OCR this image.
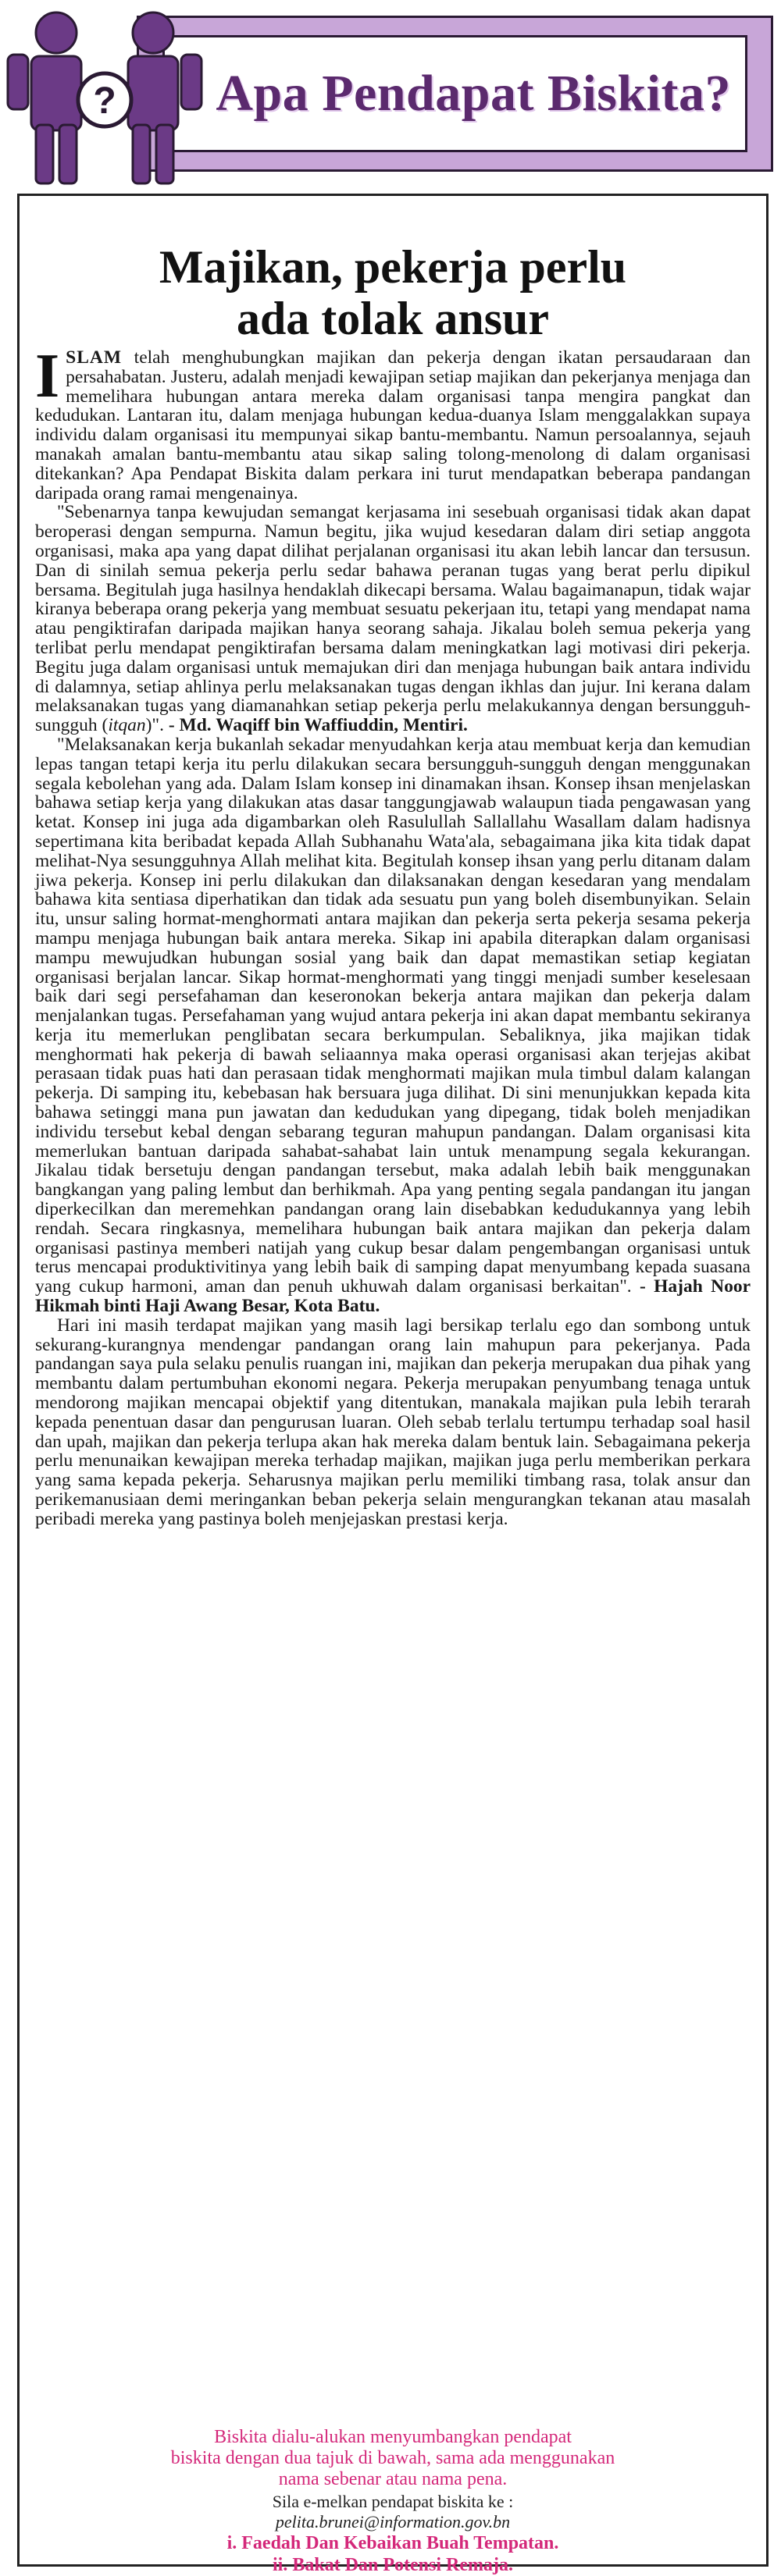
Apa Pendapat Biskita?
?
Majikan, pekerja perlu
ada tolak ansur

ISLAM telah menghubungkan majikan dan pekerja dengan ikatan persaudaraan dan persahabatan. Justeru, adalah menjadi kewajipan setiap majikan dan pekerjanya menjaga dan memelihara hubungan antara mereka dalam organisasi tanpa mengira pangkat dan kedudukan. Lantaran itu, dalam menjaga hubungan kedua-duanya Islam menggalakkan supaya individu dalam organisasi itu mempunyai sikap bantu-membantu. Namun persoalannya, sejauh manakah amalan bantu-membantu atau sikap saling tolong-menolong di dalam organisasi ditekankan? Apa Pendapat Biskita dalam perkara ini turut mendapatkan beberapa pandangan daripada orang ramai mengenainya.

"Sebenarnya tanpa kewujudan semangat kerjasama ini sesebuah organisasi tidak akan dapat beroperasi dengan sempurna. Namun begitu, jika wujud kesedaran dalam diri setiap anggota organisasi, maka apa yang dapat dilihat perjalanan organisasi itu akan lebih lancar dan tersusun. Dan di sinilah semua pekerja perlu sedar bahawa peranan tugas yang berat perlu dipikul bersama. Begitulah juga hasilnya hendaklah dikecapi bersama. Walau bagaimanapun, tidak wajar kiranya beberapa orang pekerja yang membuat sesuatu pekerjaan itu, tetapi yang mendapat nama atau pengiktirafan daripada majikan hanya seorang sahaja. Jikalau boleh semua pekerja yang terlibat perlu mendapat pengiktirafan bersama dalam meningkatkan lagi motivasi diri pekerja. Begitu juga dalam organisasi untuk memajukan diri dan menjaga hubungan baik antara individu di dalamnya, setiap ahlinya perlu melaksanakan tugas dengan ikhlas dan jujur. Ini kerana dalam melaksanakan tugas yang diamanahkan setiap pekerja perlu melakukannya dengan bersungguh-sungguh (itqan)". - Md. Waqiff bin Waffiuddin, Mentiri.

"Melaksanakan kerja bukanlah sekadar menyudahkan kerja atau membuat kerja dan kemudian lepas tangan tetapi kerja itu perlu dilakukan secara bersungguh-sungguh dengan menggunakan segala kebolehan yang ada. Dalam Islam konsep ini dinamakan ihsan. Konsep ihsan menjelaskan bahawa setiap kerja yang dilakukan atas dasar tanggungjawab walaupun tiada pengawasan yang ketat. Konsep ini juga ada digambarkan oleh Rasulullah Sallallahu Wasallam dalam hadisnya sepertimana kita beribadat kepada Allah Subhanahu Wata'ala, sebagaimana jika kita tidak dapat melihat-Nya sesungguhnya Allah melihat kita. Begitulah konsep ihsan yang perlu ditanam dalam jiwa pekerja. Konsep ini perlu dilakukan dan dilaksanakan dengan kesedaran yang mendalam bahawa kita sentiasa diperhatikan dan tidak ada sesuatu pun yang boleh disembunyikan. Selain itu, unsur saling hormat-menghormati antara majikan dan pekerja serta pekerja sesama pekerja mampu menjaga hubungan baik antara mereka. Sikap ini apabila diterapkan dalam organisasi mampu mewujudkan hubungan sosial yang baik dan dapat memastikan setiap kegiatan organisasi berjalan lancar. Sikap hormat-menghormati yang tinggi menjadi sumber keselesaan baik dari segi persefahaman dan keseronokan bekerja antara majikan dan pekerja dalam menjalankan tugas. Persefahaman yang wujud antara pekerja ini akan dapat membantu sekiranya kerja itu memerlukan penglibatan secara berkumpulan. Sebaliknya, jika majikan tidak menghormati hak pekerja di bawah seliaannya maka operasi organisasi akan terjejas akibat perasaan tidak puas hati dan perasaan tidak menghormati majikan mula timbul dalam kalangan pekerja. Di samping itu, kebebasan hak bersuara juga dilihat. Di sini menunjukkan kepada kita bahawa setinggi mana pun jawatan dan kedudukan yang dipegang, tidak boleh menjadikan individu tersebut kebal dengan sebarang teguran mahupun pandangan. Dalam organisasi kita memerlukan bantuan daripada sahabat-sahabat lain untuk menampung segala kekurangan. Jikalau tidak bersetuju dengan pandangan tersebut, maka adalah lebih baik menggunakan bangkangan yang paling lembut dan berhikmah. Apa yang penting segala pandangan itu jangan diperkecilkan dan meremehkan pandangan orang lain disebabkan kedudukannya yang lebih rendah. Secara ringkasnya, memelihara hubungan baik antara majikan dan pekerja dalam organisasi pastinya memberi natijah yang cukup besar dalam pengembangan organisasi untuk terus mencapai produktivitinya yang lebih baik di samping dapat menyumbang kepada suasana yang cukup harmoni, aman dan penuh ukhuwah dalam organisasi berkaitan". - Hajah Noor Hikmah binti Haji Awang Besar, Kota Batu.

Hari ini masih terdapat majikan yang masih lagi bersikap terlalu ego dan sombong untuk sekurang-kurangnya mendengar pandangan orang lain mahupun para pekerjanya. Pada pandangan saya pula selaku penulis ruangan ini, majikan dan pekerja merupakan dua pihak yang membantu dalam pertumbuhan ekonomi negara. Pekerja merupakan penyumbang tenaga untuk mendorong majikan mencapai objektif yang ditentukan, manakala majikan pula lebih terarah kepada penentuan dasar dan pengurusan luaran. Oleh sebab terlalu tertumpu terhadap soal hasil dan upah, majikan dan pekerja terlupa akan hak mereka dalam bentuk lain. Sebagaimana pekerja perlu menunaikan kewajipan mereka terhadap majikan, majikan juga perlu memberikan perkara yang sama kepada pekerja. Seharusnya majikan perlu memiliki timbang rasa, tolak ansur dan perikemanusiaan demi meringankan beban pekerja selain mengurangkan tekanan atau masalah peribadi mereka yang pastinya boleh menjejaskan prestasi kerja.

Biskita dialu-alukan menyumbangkan pendapat
biskita dengan dua tajuk di bawah, sama ada menggunakan
nama sebenar atau nama pena.
Sila e-melkan pendapat biskita ke :
pelita.brunei@information.gov.bn
i. Faedah Dan Kebaikan Buah Tempatan.
ii. Bakat Dan Potensi Remaja.
